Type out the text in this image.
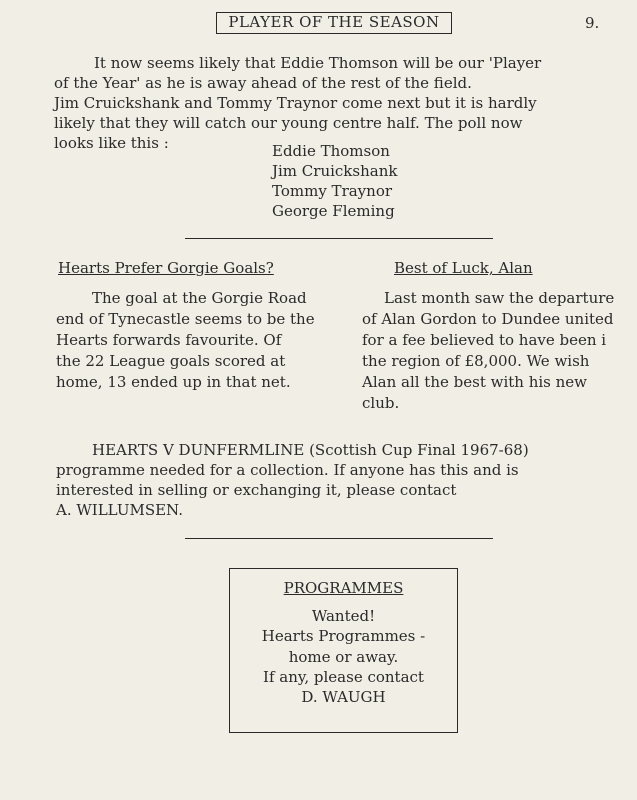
PLAYER OF THE SEASON	9.
It now seems likely that Eddie Thomson will be our 'Player
of the Year' as he is away ahead of the rest of the field.
Jim Cruickshank and Tommy Traynor come next but it is hardly
likely that they will catch our young centre half. The poll now
looks like this :	Eddie Thomson
Jim Cruickshank
Tommy Traynor
George Fleming
Hearts Prefer Gorgie Goals?
The goal at the Gorgie Road
end of Tynecastle seems to be the
Hearts forwards favourite. Of
the 22 League goals scored at
home, 13 ended up in that net.
Best of Luck, Alan
Last month saw the departure
of Alan Gordon to Dundee united
for a fee believed to have been i
the region of £8,000. We wish
Alan all the best with his new
club.
HEARTS V DUNFERMLINE (Scottish Cup Final 1967-68)
programme needed for a collection. If anyone has this and is
interested in selling or exchanging it, please contact
A. WILLUMSEN.
PROGRAMMES
Wanted!
Hearts Programmes -
home or away.
If any, please contact
D. WAUGH
